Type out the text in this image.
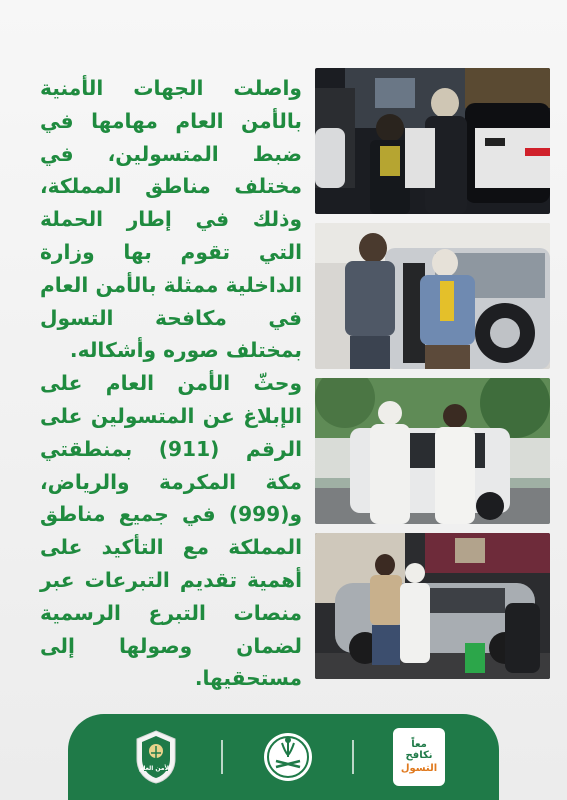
واصلت الجهات الأمنية بالأمن العام مهامها في ضبط المتسولين، في مختلف مناطق المملكة، وذلك في إطار الحملة التي تقوم بها وزارة الداخلية ممثلة بالأمن العام في مكافحة التسول بمختلف صوره وأشكاله.

وحثّ الأمن العام على الإبلاغ عن المتسولين على الرقم (911) بمنطقتي مكة المكرمة والرياض، و(999) في جميع مناطق المملكة مع التأكيد على أهمية تقديم التبرعات عبر منصات التبرع الرسمية لضمان وصولها إلى مستحقيها.

الأمن العام
معاً
نكافح
التسول
